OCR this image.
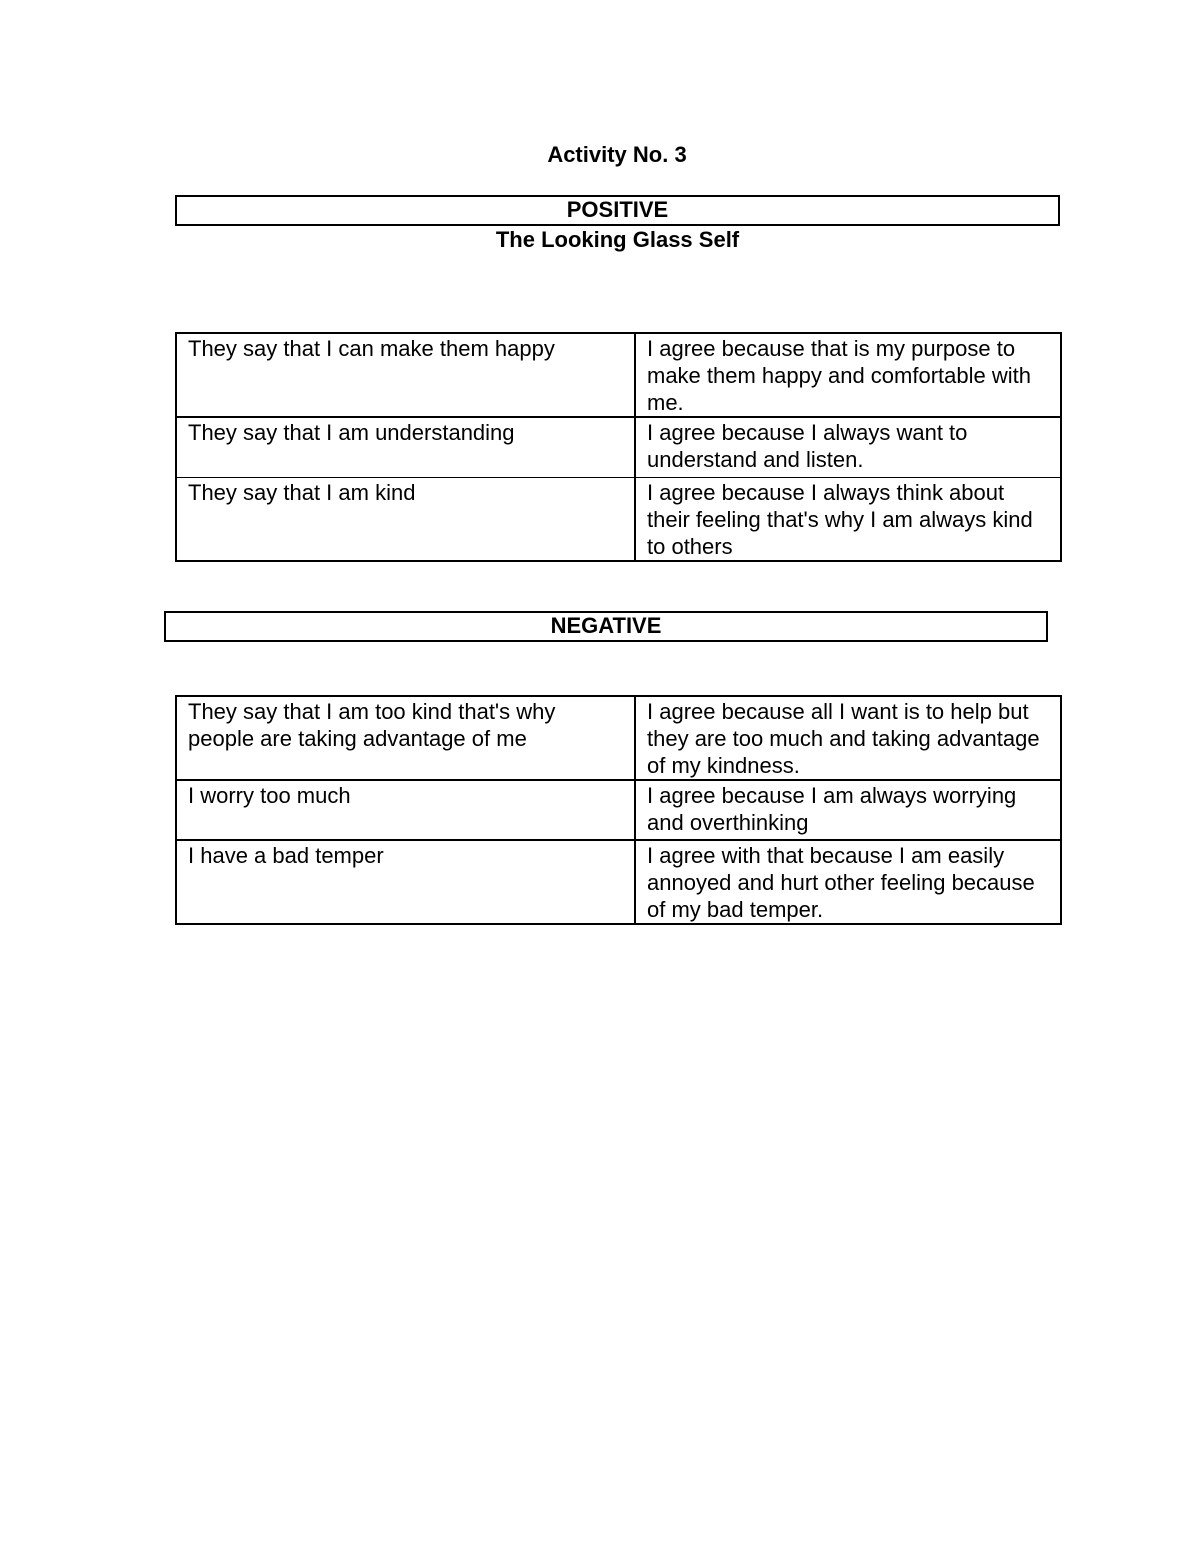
Activity No. 3
POSITIVE
The Looking Glass Self
They say that I can make them happy	I agree because that is my purpose to make them happy and comfortable with me.
They say that I am understanding	I agree because I always want to understand and listen.
They say that I am kind	I agree because I always think about their feeling that's why I am always kind to others
NEGATIVE
They say that I am too kind that's why people are taking advantage of me	I agree because all I want is to help but they are too much and taking advantage of my kindness.
I worry too much	I agree because I am always worrying and overthinking
I have a bad temper	I agree with that because I am easily annoyed and hurt other feeling because of my bad temper.
